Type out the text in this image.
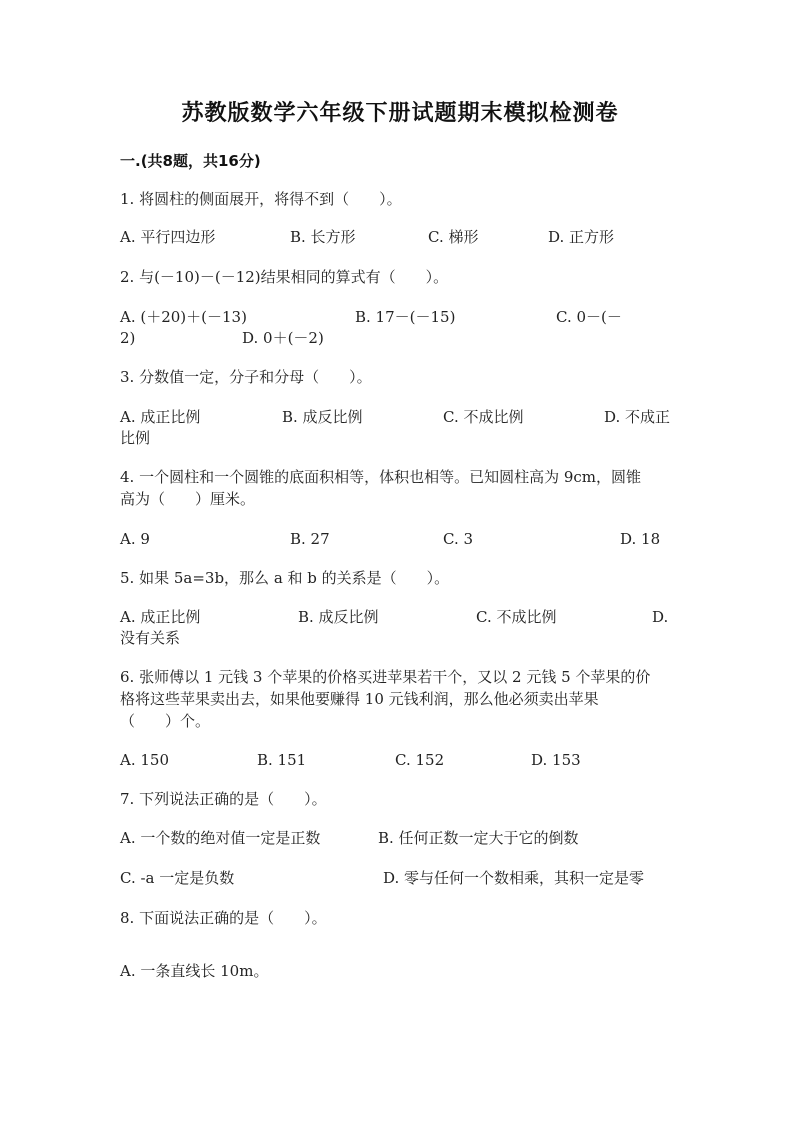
苏教版数学六年级下册试题期末模拟检测卷
一.(共8题，共16分)
1. 将圆柱的侧面展开，将得不到（　　）。
A. 平行四边形	B. 长方形	C. 梯形	D. 正方形
2. 与(－10)－(－12)结果相同的算式有（　　）。
A. (＋20)＋(－13)	B. 17－(－15)	C. 0－(－
2)	D. 0＋(－2)
3. 分数值一定，分子和分母（　　）。
A. 成正比例	B. 成反比例	C. 不成比例	D. 不成正
比例
4. 一个圆柱和一个圆锥的底面积相等，体积也相等。已知圆柱高为 9cm，圆锥
高为（　　）厘米。
A. 9	B. 27	C. 3	D. 18
5. 如果 5a=3b，那么 a 和 b 的关系是（　　）。
A. 成正比例	B. 成反比例	C. 不成比例	D.
没有关系
6. 张师傅以 1 元钱 3 个苹果的价格买进苹果若干个，又以 2 元钱 5 个苹果的价
格将这些苹果卖出去，如果他要赚得 10 元钱利润，那么他必须卖出苹果
（　　）个。
A. 150	B. 151	C. 152	D. 153
7. 下列说法正确的是（　　）。
A. 一个数的绝对值一定是正数	B. 任何正数一定大于它的倒数
C. -a 一定是负数	D. 零与任何一个数相乘，其积一定是零
8. 下面说法正确的是（　　）。
A. 一条直线长 10m。
